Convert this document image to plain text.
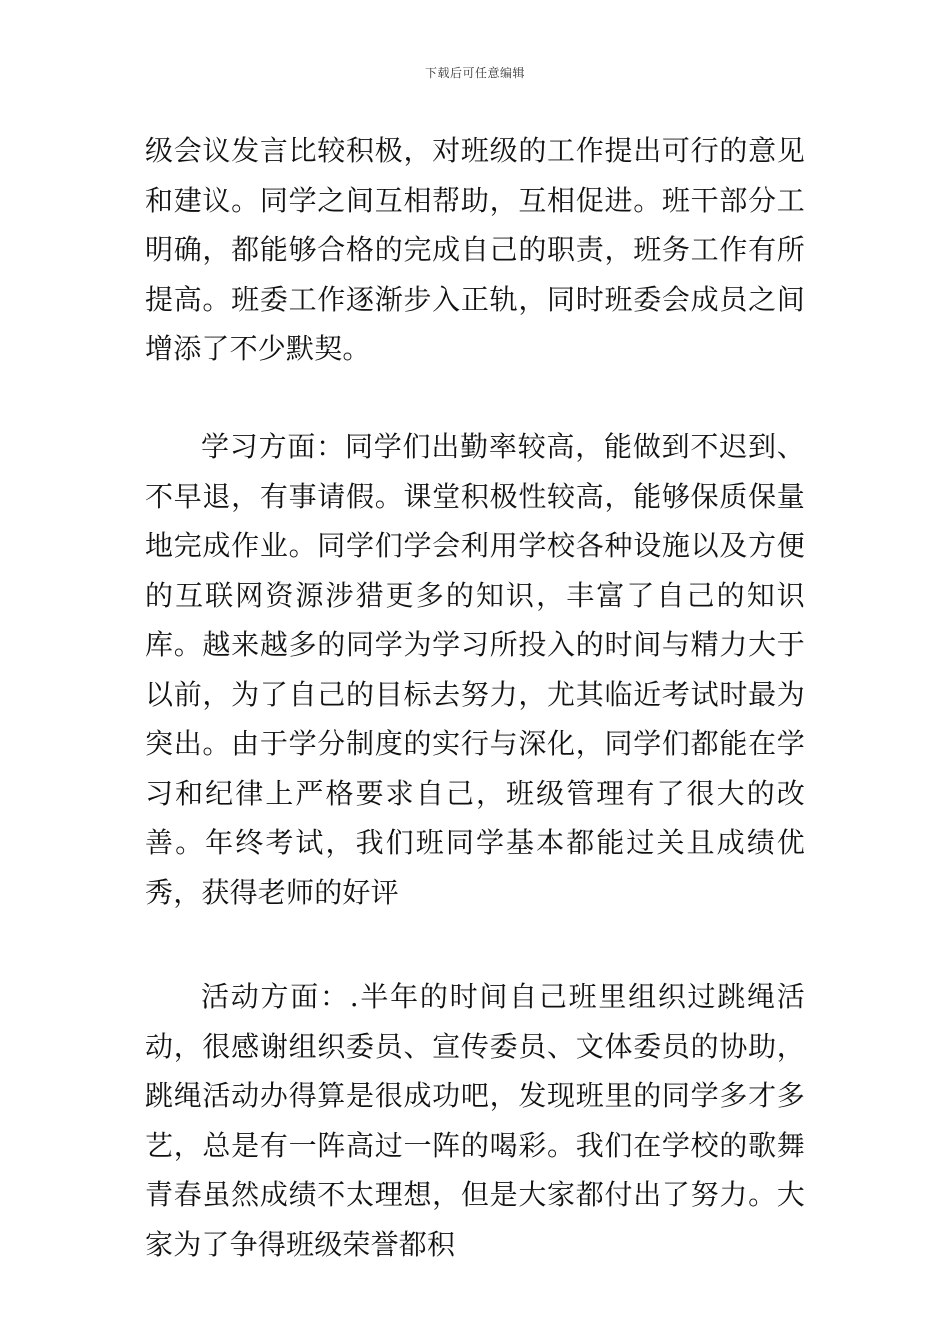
下载后可任意编辑

级会议发言比较积极，对班级的工作提出可行的意见和建议。同学之间互相帮助，互相促进。班干部分工明确，都能够合格的完成自己的职责，班务工作有所提高。班委工作逐渐步入正轨，同时班委会成员之间增添了不少默契。

学习方面：同学们出勤率较高，能做到不迟到、不早退，有事请假。课堂积极性较高，能够保质保量地完成作业。同学们学会利用学校各种设施以及方便的互联网资源涉猎更多的知识，丰富了自己的知识库。越来越多的同学为学习所投入的时间与精力大于以前，为了自己的目标去努力，尤其临近考试时最为突出。由于学分制度的实行与深化，同学们都能在学习和纪律上严格要求自己，班级管理有了很大的改善。年终考试，我们班同学基本都能过关且成绩优秀，获得老师的好评

活动方面：.半年的时间自己班里组织过跳绳活动，很感谢组织委员、宣传委员、文体委员的协助，跳绳活动办得算是很成功吧，发现班里的同学多才多艺，总是有一阵高过一阵的喝彩。我们在学校的歌舞青春虽然成绩不太理想，但是大家都付出了努力。大家为了争得班级荣誉都积
